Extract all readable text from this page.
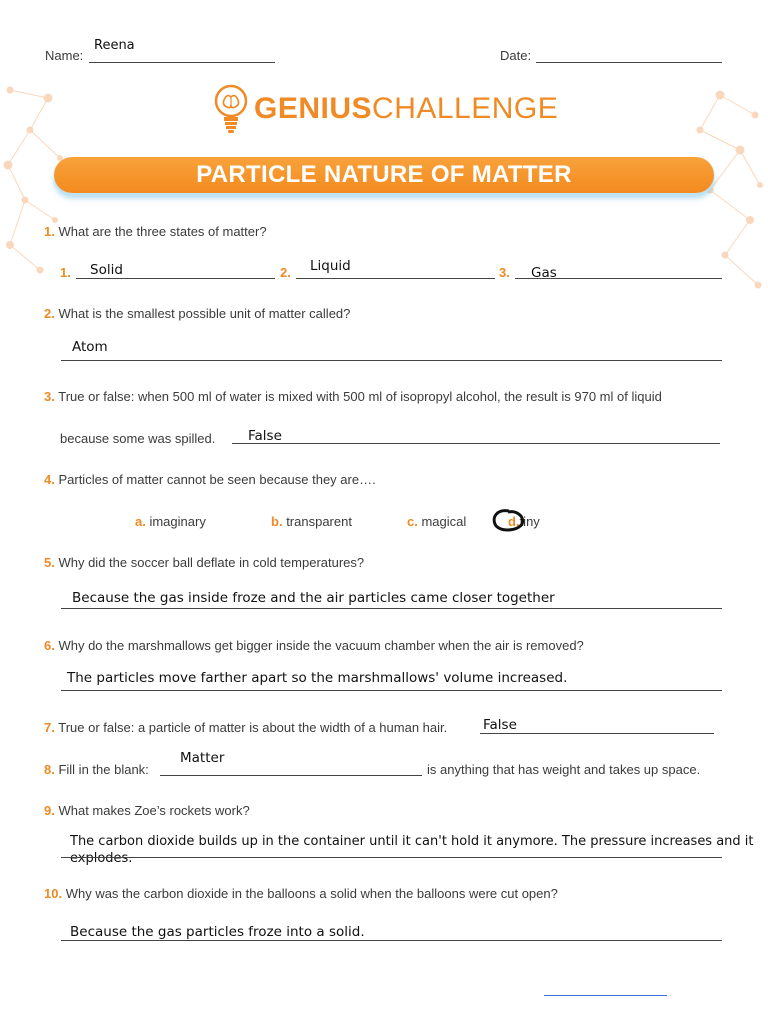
Name:
Reena
Date:
GENIUSCHALLENGE
PARTICLE NATURE OF MATTER
1. What are the three states of matter?
1. Solid	2. Liquid	3. Gas
2. What is the smallest possible unit of matter called?
Atom
3. True or false: when 500 ml of water is mixed with 500 ml of isopropyl alcohol, the result is 970 ml of liquid
because some was spilled. False
4. Particles of matter cannot be seen because they are….
a. imaginary	b. transparent	c. magical	d.tiny
5. Why did the soccer ball deflate in cold temperatures?
Because the gas inside froze and the air particles came closer together
6. Why do the marshmallows get bigger inside the vacuum chamber when the air is removed?
The particles move farther apart so the marshmallows' volume increased.
7. True or false: a particle of matter is about the width of a human hair.	False
8. Fill in the blank:
Matter
is anything that has weight and takes up space.
9. What makes Zoe’s rockets work?
The carbon dioxide builds up in the container until it can't hold it anymore. The pressure increases and it
explodes.
10. Why was the carbon dioxide in the balloons a solid when the balloons were cut open?
Because the gas particles froze into a solid.
